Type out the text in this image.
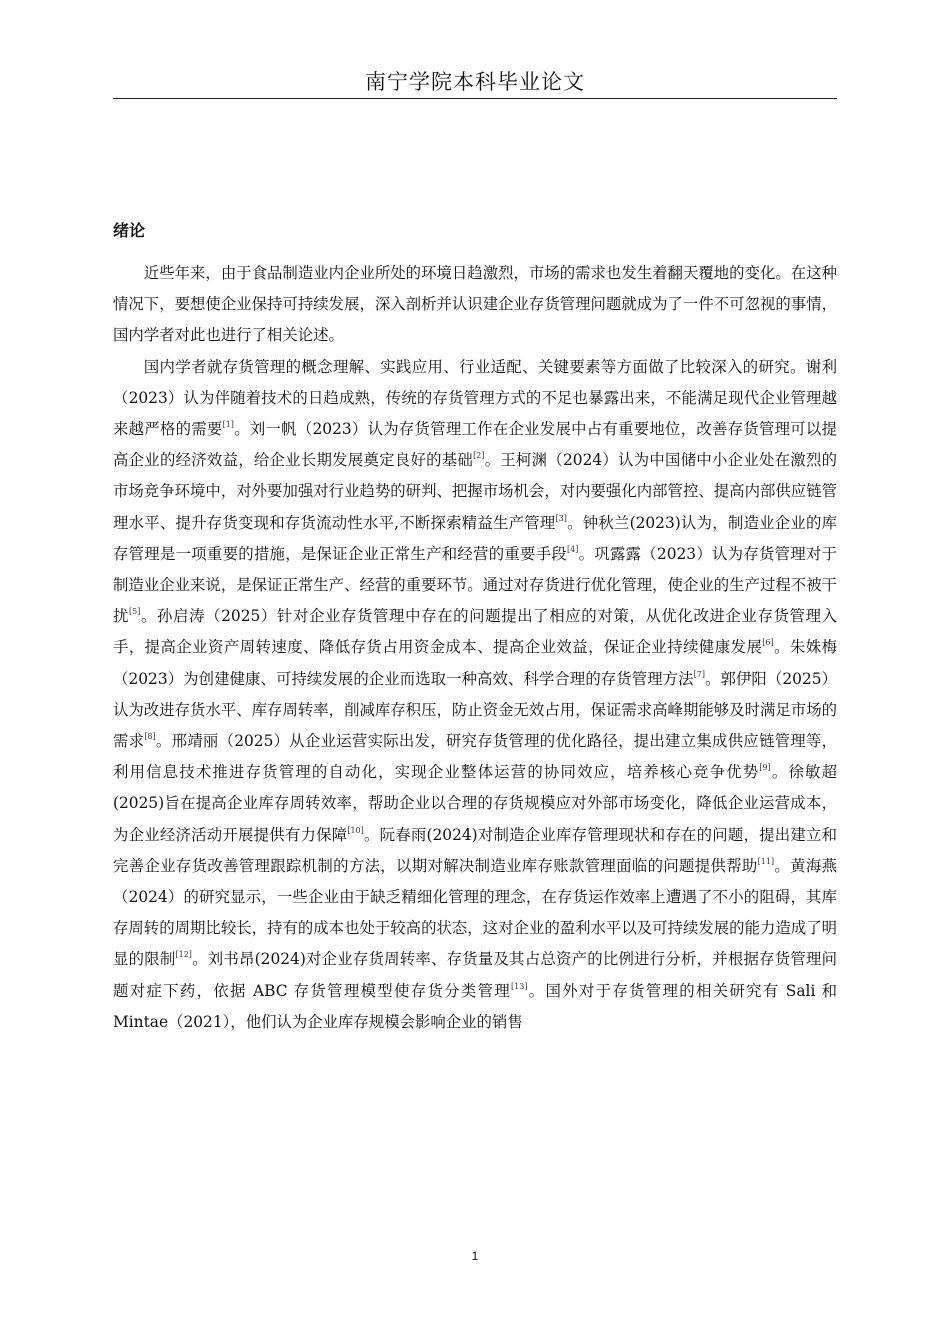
南宁学院本科毕业论文
绪论

近些年来，由于食品制造业内企业所处的环境日趋激烈，市场的需求也发生着翻天覆地的变化。在这种情况下，要想使企业保持可持续发展，深入剖析并认识建企业存货管理问题就成为了一件不可忽视的事情，国内学者对此也进行了相关论述。

国内学者就存货管理的概念理解、实践应用、行业适配、关键要素等方面做了比较深入的研究。谢利（2023）认为伴随着技术的日趋成熟，传统的存货管理方式的不足也暴露出来，不能满足现代企业管理越来越严格的需要[1]。刘一帆（2023）认为存货管理工作在企业发展中占有重要地位，改善存货管理可以提高企业的经济效益，给企业长期发展奠定良好的基础[2]。王柯渊（2024）认为中国储中小企业处在激烈的市场竞争环境中，对外要加强对行业趋势的研判、把握市场机会，对内要强化内部管控、提高内部供应链管理水平、提升存货变现和存货流动性水平,不断探索精益生产管理[3]。钟秋兰(2023)认为，制造业企业的库存管理是一项重要的措施，是保证企业正常生产和经营的重要手段[4]。巩露露（2023）认为存货管理对于制造业企业来说，是保证正常生产、经营的重要环节。通过对存货进行优化管理，使企业的生产过程不被干扰[5]。孙启涛（2025）针对企业存货管理中存在的问题提出了相应的对策，从优化改进企业存货管理入手，提高企业资产周转速度、降低存货占用资金成本、提高企业效益，保证企业持续健康发展[6]。朱姝梅（2023）为创建健康、可持续发展的企业而选取一种高效、科学合理的存货管理方法[7]。郭伊阳（2025）认为改进存货水平、库存周转率，削减库存积压，防止资金无效占用，保证需求高峰期能够及时满足市场的需求[8]。邢靖丽（2025）从企业运营实际出发，研究存货管理的优化路径，提出建立集成供应链管理等，利用信息技术推进存货管理的自动化，实现企业整体运营的协同效应，培养核心竞争优势[9]。徐敏超(2025)旨在提高企业库存周转效率，帮助企业以合理的存货规模应对外部市场变化，降低企业运营成本，为企业经济活动开展提供有力保障[10]。阮春雨(2024)对制造企业库存管理现状和存在的问题，提出建立和完善企业存货改善管理跟踪机制的方法，以期对解决制造业库存账款管理面临的问题提供帮助[11]。黄海燕（2024）的研究显示，一些企业由于缺乏精细化管理的理念，在存货运作效率上遭遇了不小的阻碍，其库存周转的周期比较长，持有的成本也处于较高的状态，这对企业的盈利水平以及可持续发展的能力造成了明显的限制[12]。刘书昂(2024)对企业存货周转率、存货量及其占总资产的比例进行分析，并根据存货管理问题对症下药，依据 ABC 存货管理模型使存货分类管理[13]。国外对于存货管理的相关研究有 Sali 和 Mintae（2021），他们认为企业库存规模会影响企业的销售

1
